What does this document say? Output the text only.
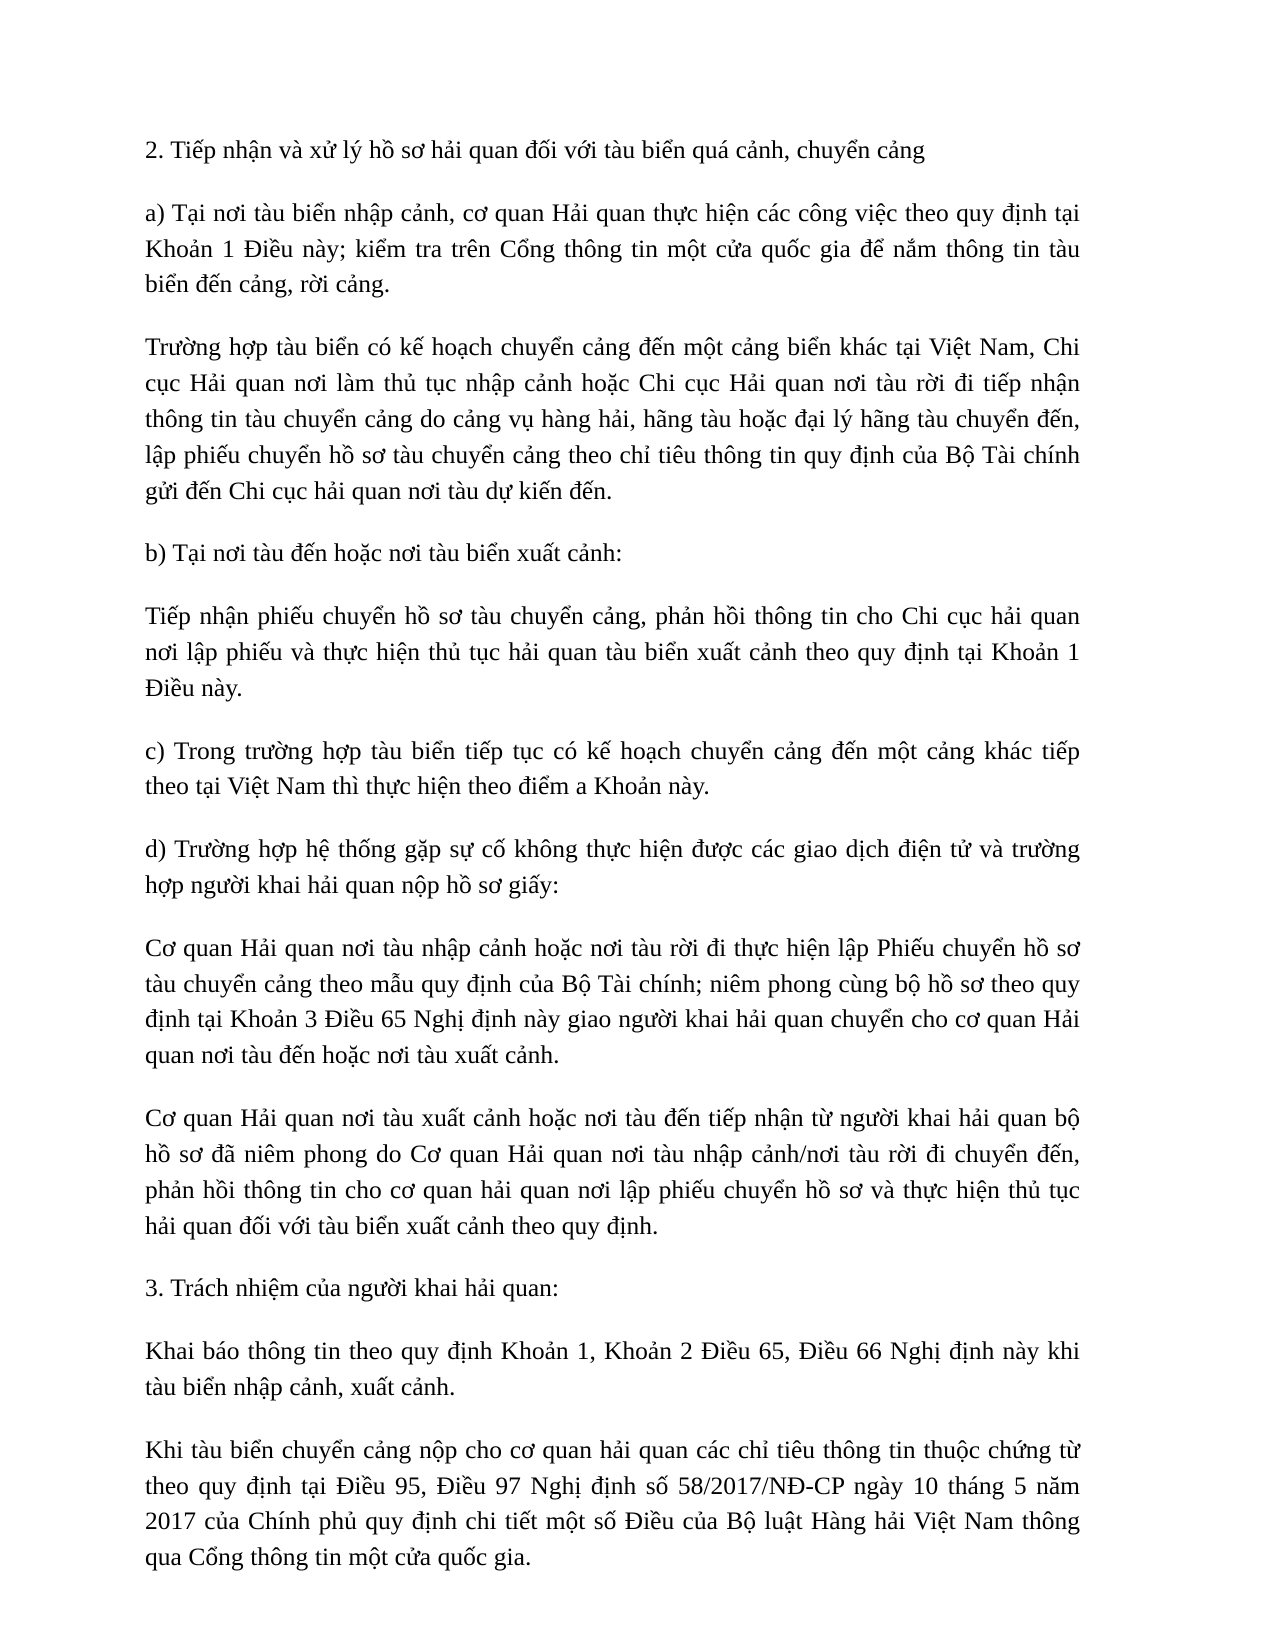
2. Tiếp nhận và xử lý hồ sơ hải quan đối với tàu biển quá cảnh, chuyển cảng

a) Tại nơi tàu biển nhập cảnh, cơ quan Hải quan thực hiện các công việc theo quy định tại Khoản 1 Điều này; kiểm tra trên Cổng thông tin một cửa quốc gia để nắm thông tin tàu biển đến cảng, rời cảng.

Trường hợp tàu biển có kế hoạch chuyển cảng đến một cảng biển khác tại Việt Nam, Chi cục Hải quan nơi làm thủ tục nhập cảnh hoặc Chi cục Hải quan nơi tàu rời đi tiếp nhận thông tin tàu chuyển cảng do cảng vụ hàng hải, hãng tàu hoặc đại lý hãng tàu chuyển đến, lập phiếu chuyển hồ sơ tàu chuyển cảng theo chỉ tiêu thông tin quy định của Bộ Tài chính gửi đến Chi cục hải quan nơi tàu dự kiến đến.

b) Tại nơi tàu đến hoặc nơi tàu biển xuất cảnh:

Tiếp nhận phiếu chuyển hồ sơ tàu chuyển cảng, phản hồi thông tin cho Chi cục hải quan nơi lập phiếu và thực hiện thủ tục hải quan tàu biển xuất cảnh theo quy định tại Khoản 1 Điều này.

c) Trong trường hợp tàu biển tiếp tục có kế hoạch chuyển cảng đến một cảng khác tiếp theo tại Việt Nam thì thực hiện theo điểm a Khoản này.

d) Trường hợp hệ thống gặp sự cố không thực hiện được các giao dịch điện tử và trường hợp người khai hải quan nộp hồ sơ giấy:

Cơ quan Hải quan nơi tàu nhập cảnh hoặc nơi tàu rời đi thực hiện lập Phiếu chuyển hồ sơ tàu chuyển cảng theo mẫu quy định của Bộ Tài chính; niêm phong cùng bộ hồ sơ theo quy định tại Khoản 3 Điều 65 Nghị định này giao người khai hải quan chuyển cho cơ quan Hải quan nơi tàu đến hoặc nơi tàu xuất cảnh.

Cơ quan Hải quan nơi tàu xuất cảnh hoặc nơi tàu đến tiếp nhận từ người khai hải quan bộ hồ sơ đã niêm phong do Cơ quan Hải quan nơi tàu nhập cảnh/nơi tàu rời đi chuyển đến, phản hồi thông tin cho cơ quan hải quan nơi lập phiếu chuyển hồ sơ và thực hiện thủ tục hải quan đối với tàu biển xuất cảnh theo quy định.

3. Trách nhiệm của người khai hải quan:

Khai báo thông tin theo quy định Khoản 1, Khoản 2 Điều 65, Điều 66 Nghị định này khi tàu biển nhập cảnh, xuất cảnh.

Khi tàu biển chuyển cảng nộp cho cơ quan hải quan các chỉ tiêu thông tin thuộc chứng từ theo quy định tại Điều 95, Điều 97 Nghị định số 58/2017/NĐ-CP ngày 10 tháng 5 năm 2017 của Chính phủ quy định chi tiết một số Điều của Bộ luật Hàng hải Việt Nam thông qua Cổng thông tin một cửa quốc gia.
